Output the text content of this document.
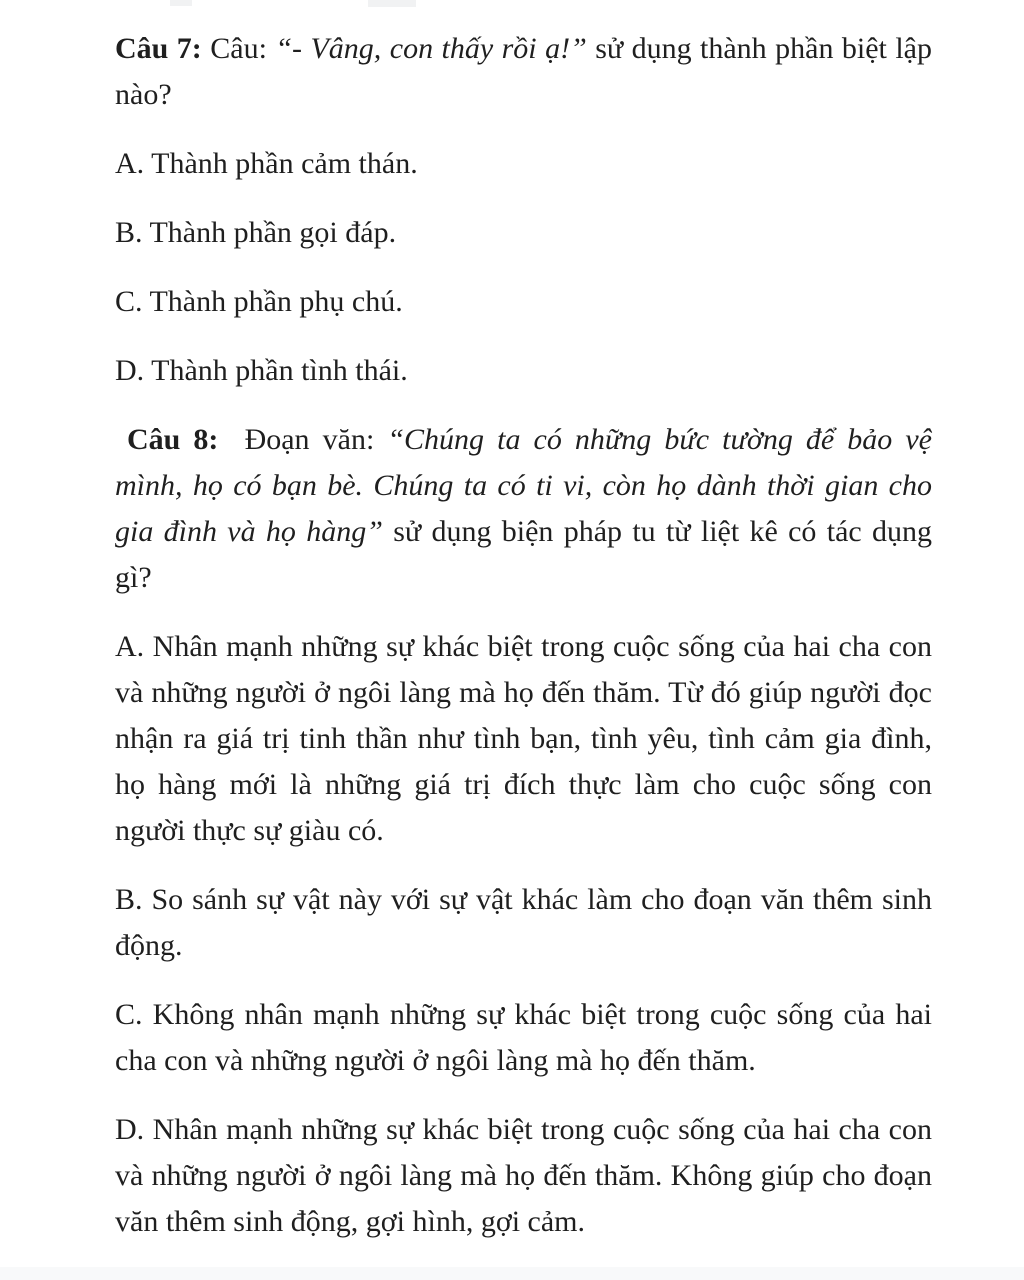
Câu 7: Câu: “- Vâng, con thấy rồi ạ!” sử dụng thành phần biệt lập nào?

A. Thành phần cảm thán.

B. Thành phần gọi đáp.

C. Thành phần phụ chú.

D. Thành phần tình thái.

Câu 8:  Đoạn văn: “Chúng ta có những bức tường để bảo vệ mình, họ có bạn bè. Chúng ta có ti vi, còn họ dành thời gian cho gia đình và họ hàng” sử dụng biện pháp tu từ liệt kê có tác dụng gì?

A. Nhân mạnh những sự khác biệt trong cuộc sống của hai cha con và những người ở ngôi làng mà họ đến thăm. Từ đó giúp người đọc nhận ra giá trị tinh thần như tình bạn, tình yêu, tình cảm gia đình, họ hàng mới là những giá trị đích thực làm cho cuộc sống con người thực sự giàu có.

B. So sánh sự vật này với sự vật khác làm cho đoạn văn thêm sinh động.

C. Không nhân mạnh những sự khác biệt trong cuộc sống của hai cha con và những người ở ngôi làng mà họ đến thăm.

D. Nhân mạnh những sự khác biệt trong cuộc sống của hai cha con và những người ở ngôi làng mà họ đến thăm. Không giúp cho đoạn văn thêm sinh động, gợi hình, gợi cảm.
